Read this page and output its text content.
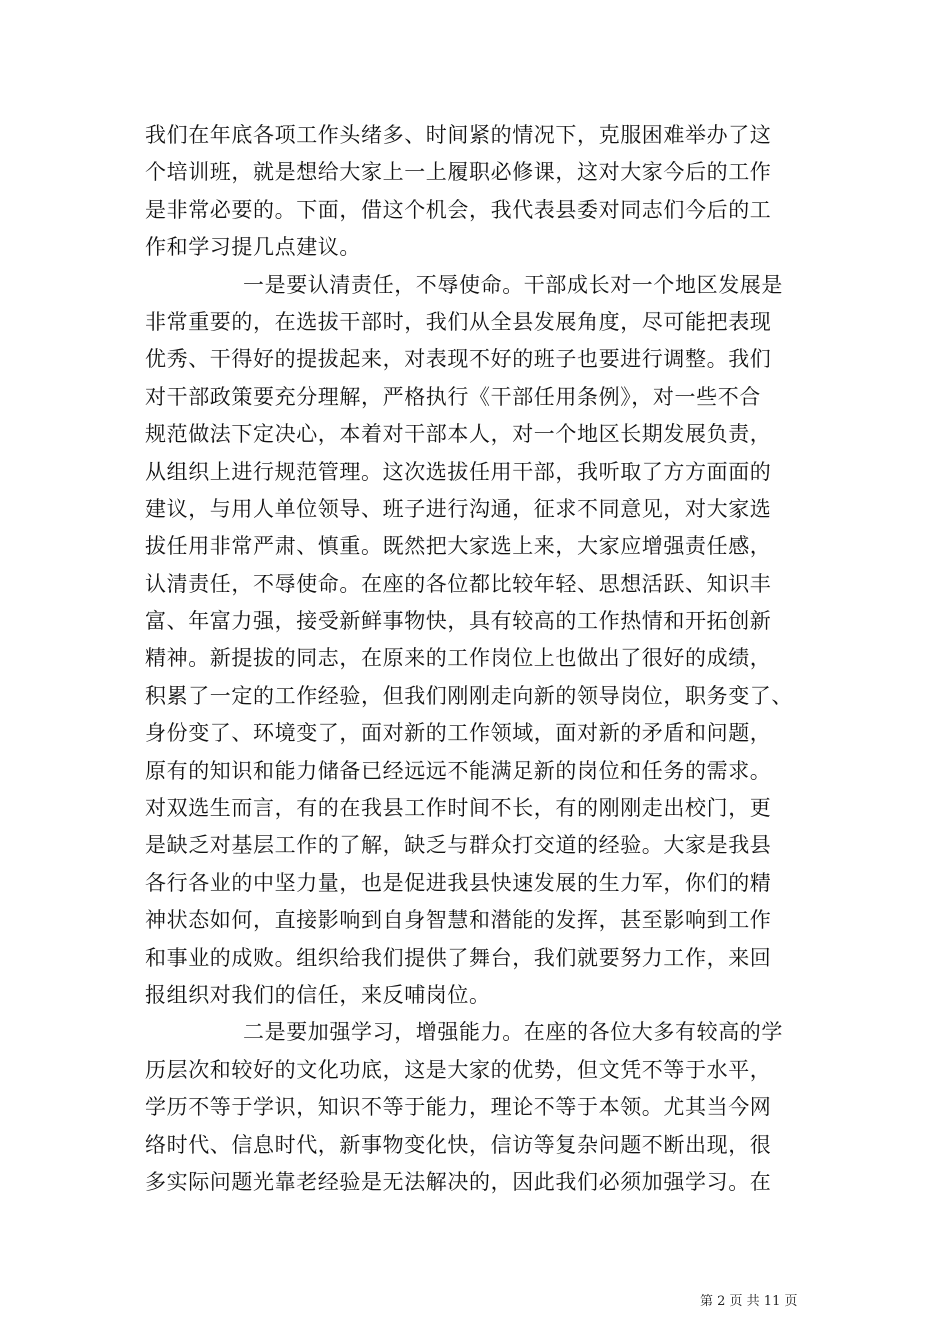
我们在年底各项工作头绪多、时间紧的情况下，克服困难举办了这
个培训班，就是想给大家上一上履职必修课，这对大家今后的工作
是非常必要的。下面，借这个机会，我代表县委对同志们今后的工
作和学习提几点建议。
一是要认清责任，不辱使命。干部成长对一个地区发展是
非常重要的，在选拔干部时，我们从全县发展角度，尽可能把表现
优秀、干得好的提拔起来，对表现不好的班子也要进行调整。我们
对干部政策要充分理解，严格执行《干部任用条例》，对一些不合
规范做法下定决心，本着对干部本人，对一个地区长期发展负责，
从组织上进行规范管理。这次选拔任用干部，我听取了方方面面的
建议，与用人单位领导、班子进行沟通，征求不同意见，对大家选
拔任用非常严肃、慎重。既然把大家选上来，大家应增强责任感，
认清责任，不辱使命。在座的各位都比较年轻、思想活跃、知识丰
富、年富力强，接受新鲜事物快，具有较高的工作热情和开拓创新
精神。新提拔的同志，在原来的工作岗位上也做出了很好的成绩，
积累了一定的工作经验，但我们刚刚走向新的领导岗位，职务变了、
身份变了、环境变了，面对新的工作领域，面对新的矛盾和问题，
原有的知识和能力储备已经远远不能满足新的岗位和任务的需求。
对双选生而言，有的在我县工作时间不长，有的刚刚走出校门，更
是缺乏对基层工作的了解，缺乏与群众打交道的经验。大家是我县
各行各业的中坚力量，也是促进我县快速发展的生力军，你们的精
神状态如何，直接影响到自身智慧和潜能的发挥，甚至影响到工作
和事业的成败。组织给我们提供了舞台，我们就要努力工作，来回
报组织对我们的信任，来反哺岗位。
二是要加强学习，增强能力。在座的各位大多有较高的学
历层次和较好的文化功底，这是大家的优势，但文凭不等于水平，
学历不等于学识，知识不等于能力，理论不等于本领。尤其当今网
络时代、信息时代，新事物变化快，信访等复杂问题不断出现，很
多实际问题光靠老经验是无法解决的，因此我们必须加强学习。在
第 2 页 共 11 页
